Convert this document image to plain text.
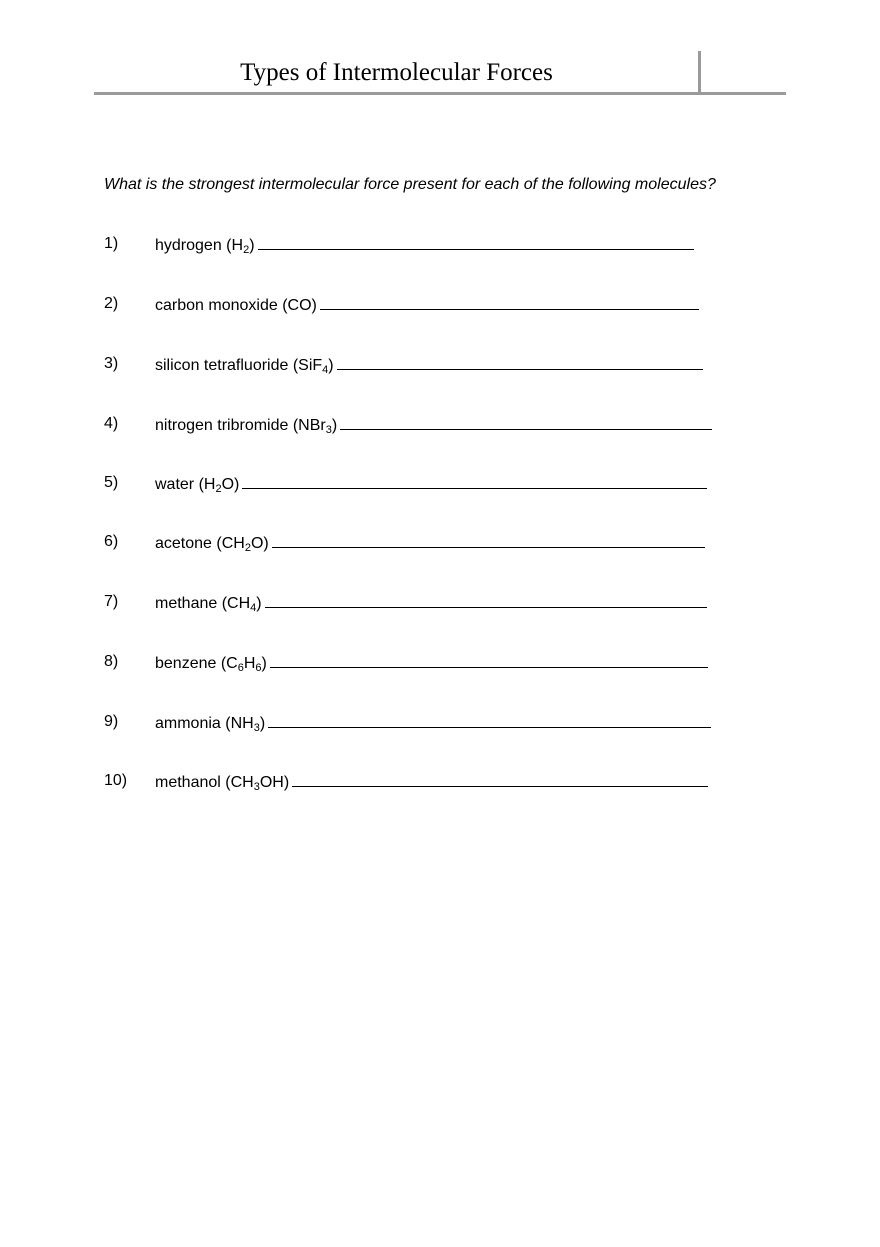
Types of Intermolecular Forces
What is the strongest intermolecular force present for each of the following molecules?
1) hydrogen ( $H_2$)
2) carbon monoxide ( CO)
3) silicon tetrafluoride ( SiF$_4$)
4) nitrogen tribromide ( NBr$_3$)
5) water ( $H_2O$)
6) acetone ( $CH_2O$)
7) methane ( $CH_4$)
8) benzene ( $C_6H_6$)
9) ammonia ( $NH_3$)
10) methanol ( $CH_3OH$)
